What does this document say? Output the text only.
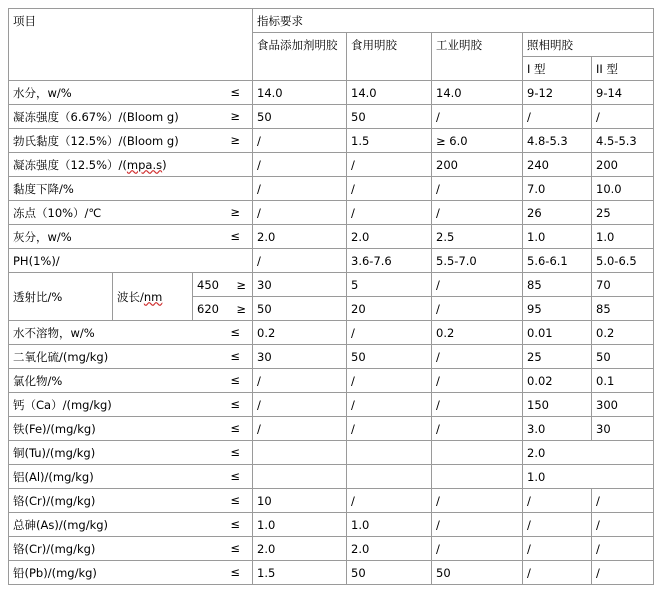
项目			指标要求				
			食品添加剂明胶	食用明胶	工业明胶	照相明胶	
						I 型	II 型

水分，w/% ≤			14.0	14.0	14.0	9-12	9-14

凝冻强度（6.67%）/(Bloom g) ≥			50	50	/	/	/

勃氏黏度（12.5%）/(Bloom g) ≥			/	1.5	≥ 6.0	4.8-5.3	4.5-5.3

凝冻强度（12.5%）/(mpa.s)			/	/	200	240	200

黏度下降/%			/	/	/	7.0	10.0

冻点（10%）/℃ ≥			/	/	/	26	25

灰分，w/% ≤			2.0	2.0	2.5	1.0	1.0

PH(1%)/			/	3.6-7.6	5.5-7.0	5.6-6.1	5.0-6.5
透射比/%	波长/nm	450 ≥	30	5	/	85	70

		620 ≥	50	20	/	95	85

水不溶物，w/% ≤			0.2	/	0.2	0.01	0.2

二氧化硫/(mg/kg) ≤			30	50	/	25	50

氯化物/% ≤			/	/	/	0.02	0.1

钙（Ca）/(mg/kg) ≤			/	/	/	150	300

铁(Fe)/(mg/kg) ≤			/	/	/	3.0	30

铜(Tu)/(mg/kg) ≤						2.0	

铝(Al)/(mg/kg) ≤						1.0	

铬(Cr)/(mg/kg) ≤			10	/	/	/	/

总砷(As)/(mg/kg) ≤			1.0	1.0	/	/	/

铬(Cr)/(mg/kg) ≤			2.0	2.0	/	/	/

铅(Pb)/(mg/kg) ≤			1.5	50	50	/	/
